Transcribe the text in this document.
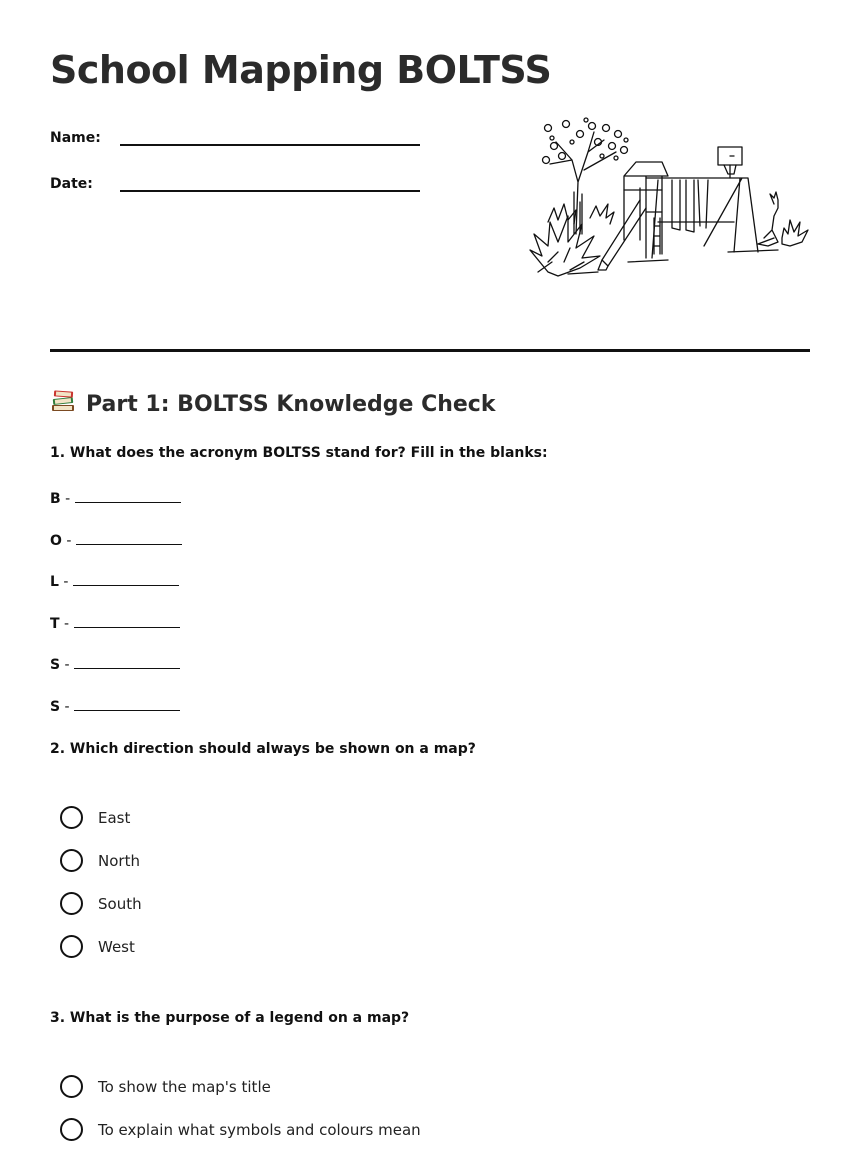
School Mapping BOLTSS
Name:
Date:
Part 1: BOLTSS Knowledge Check

1. What does the acronym BOLTSS stand for? Fill in the blanks:

B -
O -
L -
T -
S -
S -

2. Which direction should always be shown on a map?

East
North
South
West

3. What is the purpose of a legend on a map?

To show the map's title
To explain what symbols and colours mean
